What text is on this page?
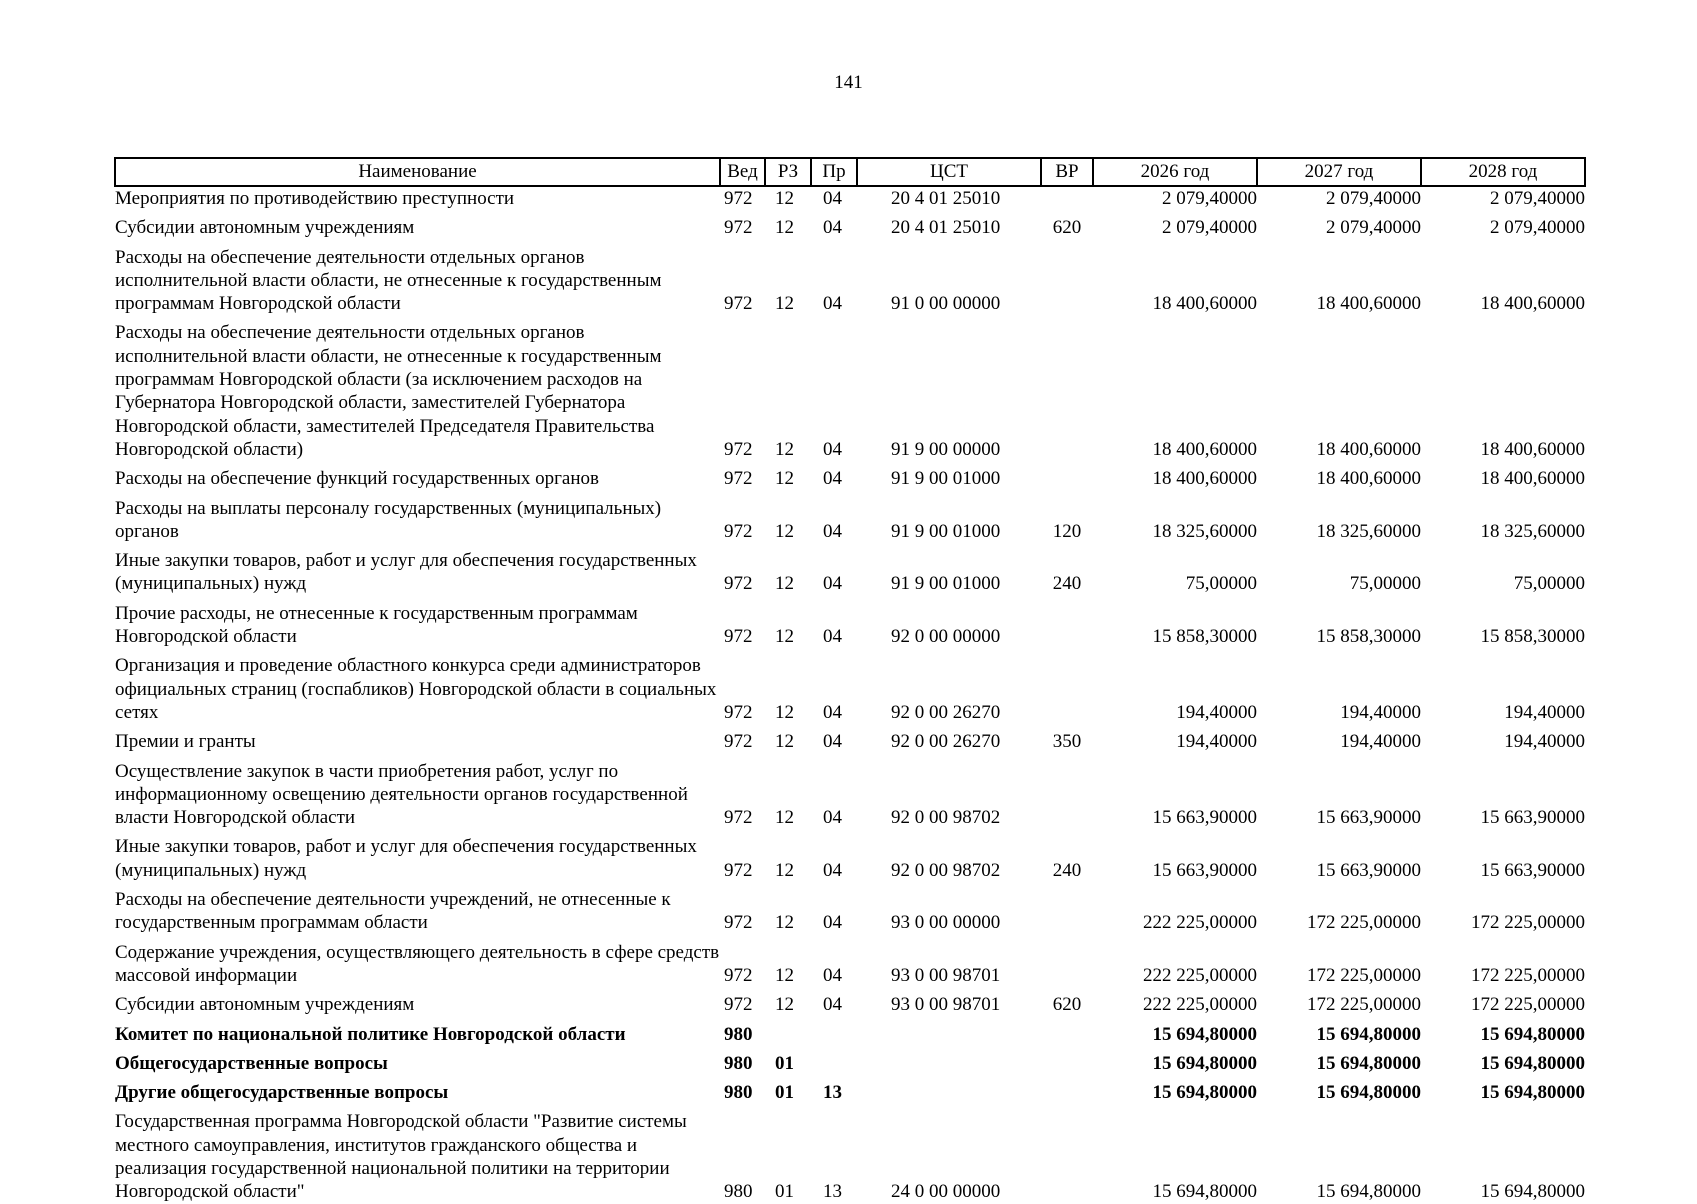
141
Наименование	Вед	РЗ	Пр	ЦСТ	ВР	2026 год	2027 год	2028 год
Мероприятия по противодействию преступности	972	12	04	20 4 01 25010		2 079,40000	2 079,40000	2 079,40000
Субсидии автономным учреждениям	972	12	04	20 4 01 25010	620	2 079,40000	2 079,40000	2 079,40000
Расходы на обеспечение деятельности отдельных органов исполнительной власти области, не отнесенные к государственным программам Новгородской области	972	12	04	91 0 00 00000		18 400,60000	18 400,60000	18 400,60000
Расходы на обеспечение деятельности отдельных органов исполнительной власти области, не отнесенные к государственным программам Новгородской области (за исключением расходов на Губернатора Новгородской области, заместителей Губернатора Новгородской области, заместителей Председателя Правительства Новгородской области)	972	12	04	91 9 00 00000		18 400,60000	18 400,60000	18 400,60000
Расходы на обеспечение функций государственных органов	972	12	04	91 9 00 01000		18 400,60000	18 400,60000	18 400,60000
Расходы на выплаты персоналу государственных (муниципальных) органов	972	12	04	91 9 00 01000	120	18 325,60000	18 325,60000	18 325,60000
Иные закупки товаров, работ и услуг для обеспечения государственных (муниципальных) нужд	972	12	04	91 9 00 01000	240	75,00000	75,00000	75,00000
Прочие расходы, не отнесенные к государственным программам Новгородской области	972	12	04	92 0 00 00000		15 858,30000	15 858,30000	15 858,30000
Организация и проведение областного конкурса среди администраторов официальных страниц (госпабликов) Новгородской области в социальных сетях	972	12	04	92 0 00 26270		194,40000	194,40000	194,40000
Премии и гранты	972	12	04	92 0 00 26270	350	194,40000	194,40000	194,40000
Осуществление закупок в части приобретения работ, услуг по информационному освещению деятельности органов государственной власти Новгородской области	972	12	04	92 0 00 98702		15 663,90000	15 663,90000	15 663,90000
Иные закупки товаров, работ и услуг для обеспечения государственных (муниципальных) нужд	972	12	04	92 0 00 98702	240	15 663,90000	15 663,90000	15 663,90000
Расходы на обеспечение деятельности учреждений, не отнесенные к государственным программам области	972	12	04	93 0 00 00000		222 225,00000	172 225,00000	172 225,00000
Содержание учреждения, осуществляющего деятельность в сфере средств массовой информации	972	12	04	93 0 00 98701		222 225,00000	172 225,00000	172 225,00000
Субсидии автономным учреждениям	972	12	04	93 0 00 98701	620	222 225,00000	172 225,00000	172 225,00000
Комитет по национальной политике Новгородской области	980					15 694,80000	15 694,80000	15 694,80000
Общегосударственные вопросы	980	01				15 694,80000	15 694,80000	15 694,80000
Другие общегосударственные вопросы	980	01	13			15 694,80000	15 694,80000	15 694,80000
Государственная программа Новгородской области "Развитие системы местного самоуправления, институтов гражданского общества и реализация государственной национальной политики на территории Новгородской области"	980	01	13	24 0 00 00000		15 694,80000	15 694,80000	15 694,80000
